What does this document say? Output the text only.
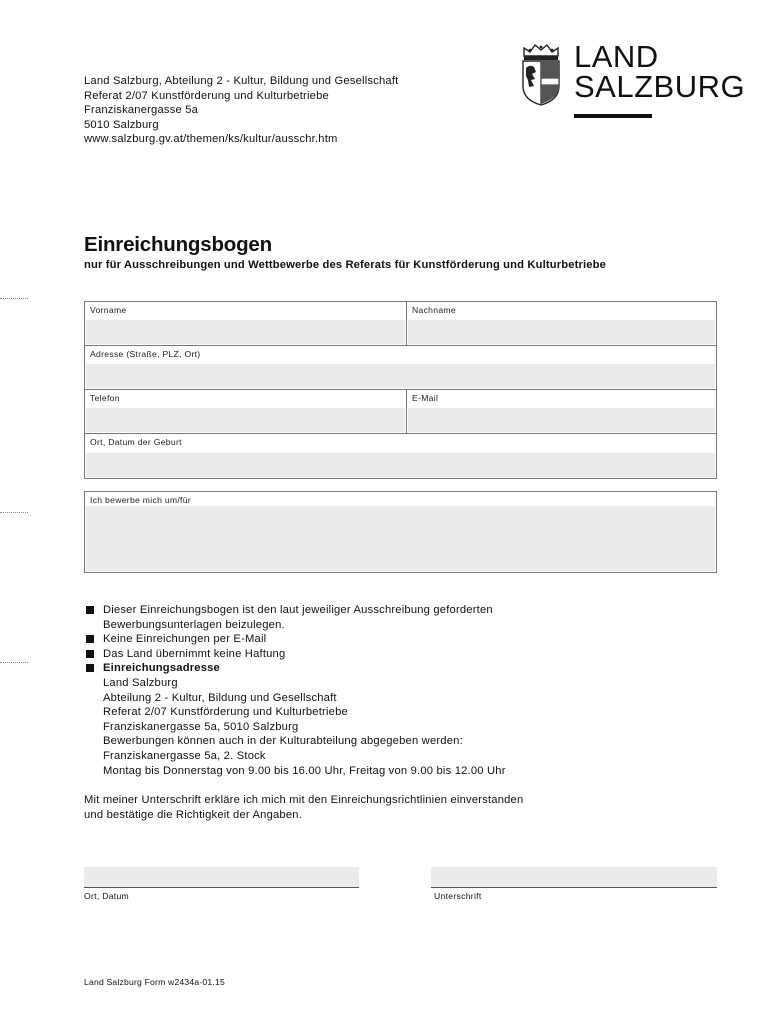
Land Salzburg, Abteilung 2 - Kultur, Bildung und Gesellschaft
Referat 2/07 Kunstförderung und Kulturbetriebe
Franziskanergasse 5a
5010 Salzburg
www.salzburg.gv.at/themen/ks/kultur/ausschr.htm
LAND
SALZBURG
Einreichungsbogen
nur für Ausschreibungen und Wettbewerbe des Referats für Kunstförderung und Kulturbetriebe
Vorname	Nachname
Adresse (Straße, PLZ, Ort)
Telefon	E-Mail
Ort, Datum der Geburt
Ich bewerbe mich um/für
Dieser Einreichungsbogen ist den laut jeweiliger Ausschreibung geforderten
Bewerbungsunterlagen beizulegen.
Keine Einreichungen per E-Mail
Das Land übernimmt keine Haftung
Einreichungsadresse
Land Salzburg
Abteilung 2 - Kultur, Bildung und Gesellschaft
Referat 2/07 Kunstförderung und Kulturbetriebe
Franziskanergasse 5a, 5010 Salzburg
Bewerbungen können auch in der Kulturabteilung abgegeben werden:
Franziskanergasse 5a, 2. Stock
Montag bis Donnerstag von 9.00 bis 16.00 Uhr, Freitag von 9.00 bis 12.00 Uhr
Mit meiner Unterschrift erkläre ich mich mit den Einreichungsrichtlinien einverstanden
und bestätige die Richtigkeit der Angaben.
Ort, Datum	Unterschrift
Land Salzburg Form w2434a-01.15
